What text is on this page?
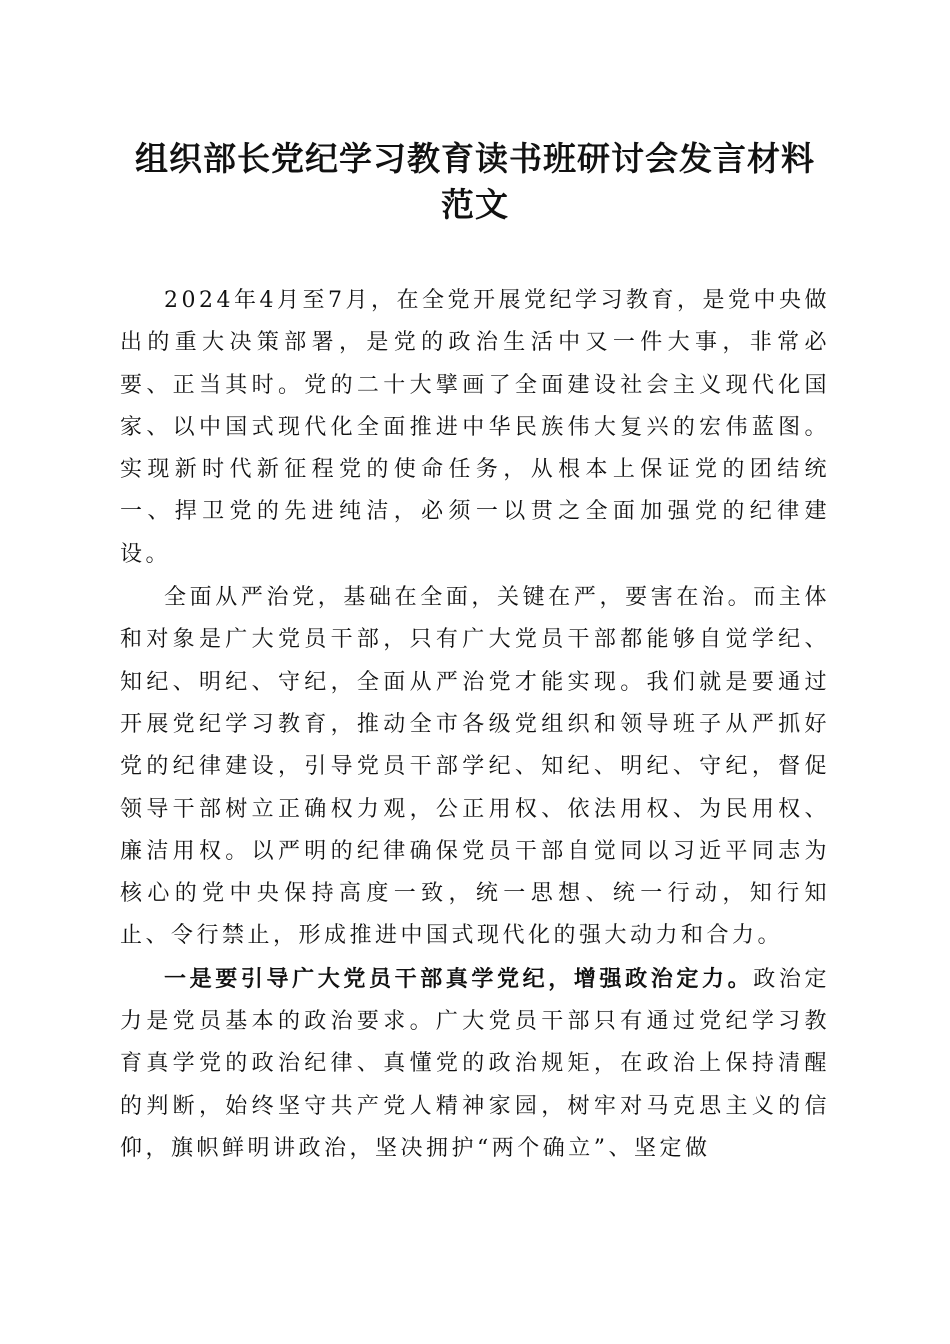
组织部长党纪学习教育读书班研讨会发言材料
范文

2024年4月至7月，在全党开展党纪学习教育，是党中央做出的重大决策部署，是党的政治生活中又一件大事，非常必要、正当其时。党的二十大擘画了全面建设社会主义现代化国家、以中国式现代化全面推进中华民族伟大复兴的宏伟蓝图。实现新时代新征程党的使命任务，从根本上保证党的团结统一、捍卫党的先进纯洁，必须一以贯之全面加强党的纪律建设。

全面从严治党，基础在全面，关键在严，要害在治。而主体和对象是广大党员干部，只有广大党员干部都能够自觉学纪、知纪、明纪、守纪，全面从严治党才能实现。我们就是要通过开展党纪学习教育，推动全市各级党组织和领导班子从严抓好党的纪律建设，引导党员干部学纪、知纪、明纪、守纪，督促领导干部树立正确权力观，公正用权、依法用权、为民用权、廉洁用权。以严明的纪律确保党员干部自觉同以习近平同志为核心的党中央保持高度一致，统一思想、统一行动，知行知止、令行禁止，形成推进中国式现代化的强大动力和合力。

一是要引导广大党员干部真学党纪，增强政治定力。政治定力是党员基本的政治要求。广大党员干部只有通过党纪学习教育真学党的政治纪律、真懂党的政治规矩，在政治上保持清醒的判断，始终坚守共产党人精神家园，树牢对马克思主义的信仰，旗帜鲜明讲政治，坚决拥护“两个确立”、坚定做
